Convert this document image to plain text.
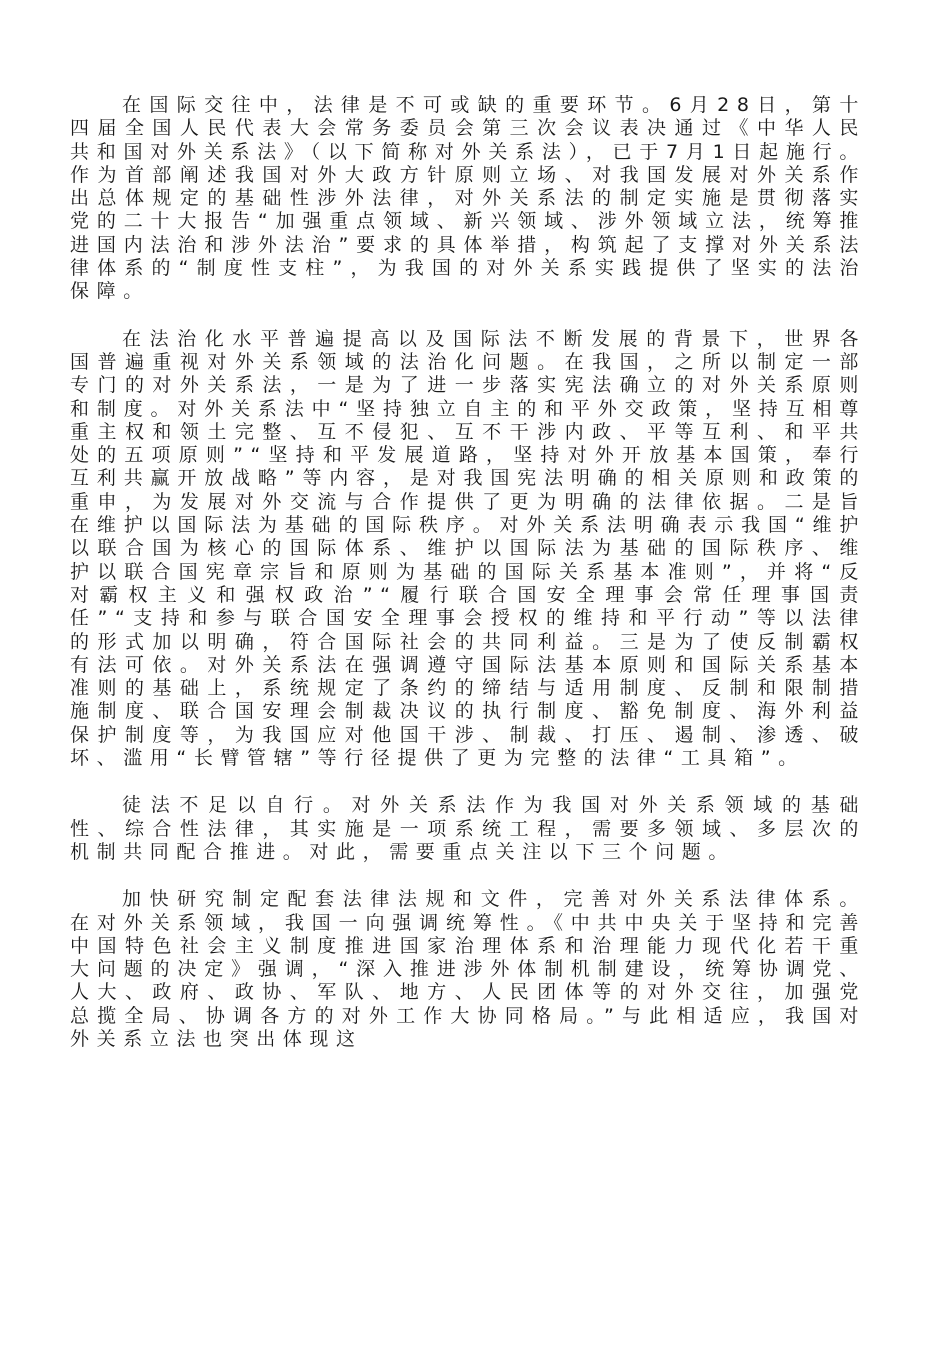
在国际交往中，法律是不可或缺的重要环节。6月28日，第十四届全国人民代表大会常务委员会第三次会议表决通过《中华人民共和国对外关系法》（以下简称对外关系法），已于7月1日起施行。作为首部阐述我国对外大政方针原则立场、对我国发展对外关系作出总体规定的基础性涉外法律，对外关系法的制定实施是贯彻落实党的二十大报告“加强重点领域、新兴领域、涉外领域立法，统筹推进国内法治和涉外法治”要求的具体举措，构筑起了支撑对外关系法律体系的“制度性支柱”，为我国的对外关系实践提供了坚实的法治保障。

在法治化水平普遍提高以及国际法不断发展的背景下，世界各国普遍重视对外关系领域的法治化问题。在我国，之所以制定一部专门的对外关系法，一是为了进一步落实宪法确立的对外关系原则和制度。对外关系法中“坚持独立自主的和平外交政策，坚持互相尊重主权和领土完整、互不侵犯、互不干涉内政、平等互利、和平共处的五项原则”“坚持和平发展道路，坚持对外开放基本国策，奉行互利共赢开放战略”等内容，是对我国宪法明确的相关原则和政策的重申，为发展对外交流与合作提供了更为明确的法律依据。二是旨在维护以国际法为基础的国际秩序。对外关系法明确表示我国“维护以联合国为核心的国际体系、维护以国际法为基础的国际秩序、维护以联合国宪章宗旨和原则为基础的国际关系基本准则”，并将“反对霸权主义和强权政治”“履行联合国安全理事会常任理事国责任”“支持和参与联合国安全理事会授权的维持和平行动”等以法律的形式加以明确，符合国际社会的共同利益。三是为了使反制霸权有法可依。对外关系法在强调遵守国际法基本原则和国际关系基本准则的基础上，系统规定了条约的缔结与适用制度、反制和限制措施制度、联合国安理会制裁决议的执行制度、豁免制度、海外利益保护制度等，为我国应对他国干涉、制裁、打压、遏制、渗透、破坏、滥用“长臂管辖”等行径提供了更为完整的法律“工具箱”。

徒法不足以自行。对外关系法作为我国对外关系领域的基础性、综合性法律，其实施是一项系统工程，需要多领域、多层次的机制共同配合推进。对此，需要重点关注以下三个问题。

加快研究制定配套法律法规和文件，完善对外关系法律体系。在对外关系领域，我国一向强调统筹性。《中共中央关于坚持和完善中国特色社会主义制度推进国家治理体系和治理能力现代化若干重大问题的决定》强调，“深入推进涉外体制机制建设，统筹协调党、人大、政府、政协、军队、地方、人民团体等的对外交往，加强党总揽全局、协调各方的对外工作大协同格局。”与此相适应，我国对外关系立法也突出体现这
